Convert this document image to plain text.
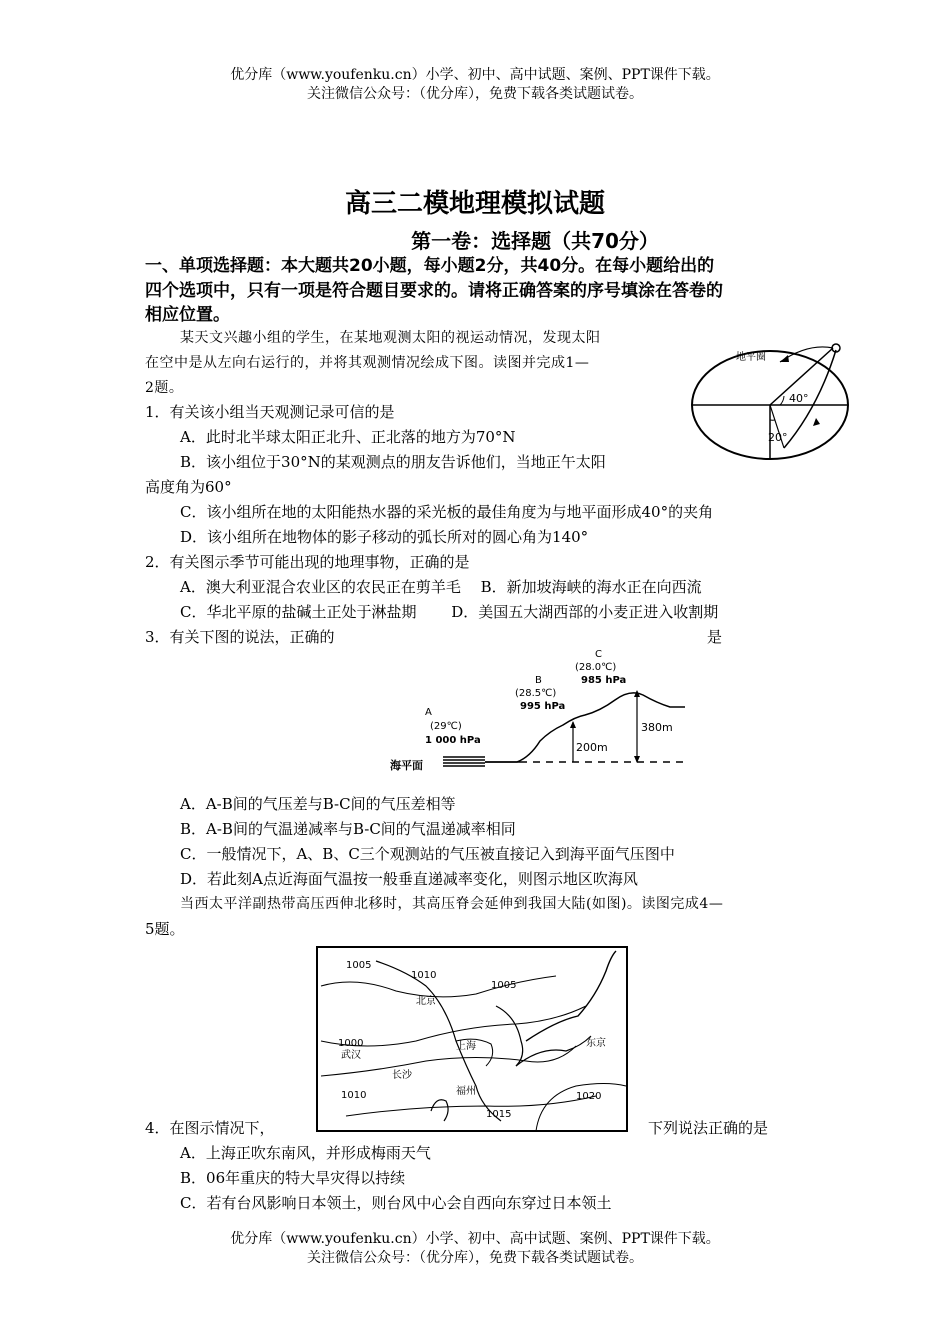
优分库（www.youfenku.cn）小学、初中、高中试题、案例、PPT课件下载。
关注微信公众号：（优分库），免费下载各类试题试卷。
高三二模地理模拟试题
第一卷：选择题（共70分）
一、单项选择题：本大题共20小题，每小题2分，共40分。在每小题给出的
四个选项中，只有一项是符合题目要求的。请将正确答案的序号填涂在答卷的
相应位置。
某天文兴趣小组的学生，在某地观测太阳的视运动情况，发现太阳
在空中是从左向右运行的，并将其观测情况绘成下图。读图并完成1—
2题。
地平圈
40°
20°
1．有关该小组当天观测记录可信的是
A．此时北半球太阳正北升、正北落的地方为70°N
B．该小组位于30°N的某观测点的朋友告诉他们，当地正午太阳
高度角为60°
C．该小组所在地的太阳能热水器的采光板的最佳角度为与地平面形成40°的夹角
D．该小组所在地物体的影子移动的弧长所对的圆心角为140°
2．有关图示季节可能出现的地理事物，正确的是
A．澳大利亚混合农业区的农民正在剪羊毛　 B．新加坡海峡的海水正在向西流
C．华北平原的盐碱土正处于淋盐期　　 D．美国五大湖西部的小麦正进入收割期
3．有关下图的说法，正确的	是
海平面
200m
380m
A
(29℃)
1 000 hPa
B
(28.5℃)
995 hPa
C
(28.0℃)
985 hPa
A．A-B间的气压差与B-C间的气压差相等
B．A-B间的气温递减率与B-C间的气温递减率相同
C．一般情况下，A、B、C三个观测站的气压被直接记入到海平面气压图中
D．若此刻A点近海面气温按一般垂直递减率变化，则图示地区吹海风
当西太平洋副热带高压西伸北移时，其高压脊会延伸到我国大陆(如图)。读图完成4—
5题。
1005
1010
1005
1000
1010
1015
1020
北京
上海
武汉
长沙
福州
东京
4．在图示情况下，	下列说法正确的是
A．上海正吹东南风，并形成梅雨天气
B．06年重庆的特大旱灾得以持续
C．若有台风影响日本领土，则台风中心会自西向东穿过日本领土
优分库（www.youfenku.cn）小学、初中、高中试题、案例、PPT课件下载。
关注微信公众号：（优分库），免费下载各类试题试卷。
